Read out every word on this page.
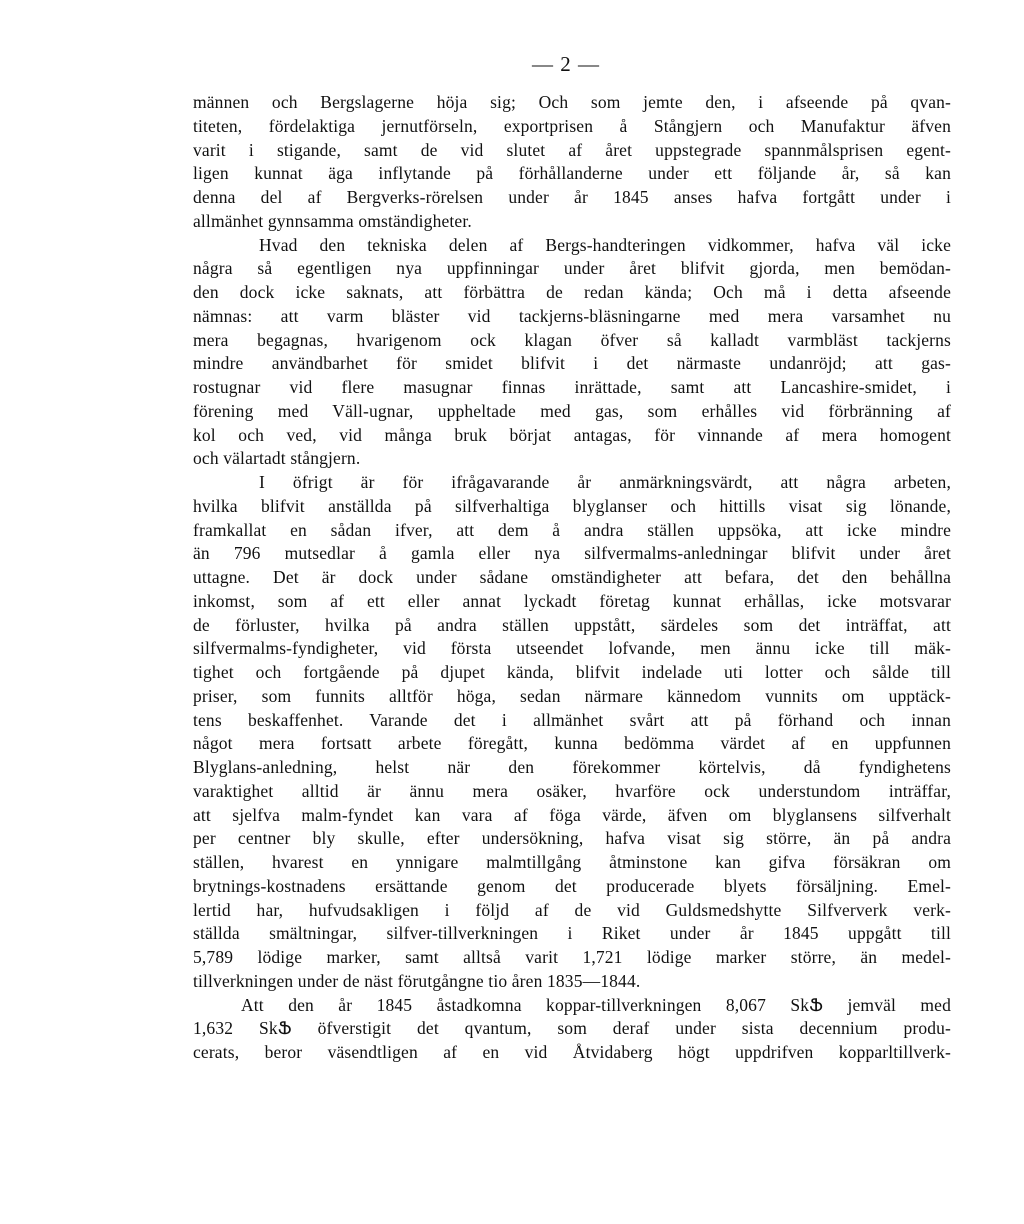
— 2 —
männen och Bergslagerne höja sig; Och som jemte den, i afseende på qvan-
titeten, fördelaktiga jernutförseln, exportprisen å Stångjern och Manufaktur äfven
varit i stigande, samt de vid slutet af året uppstegrade spannmålsprisen egent-
ligen kunnat äga inflytande på förhållanderne under ett följande år, så kan
denna del af Bergverks-rörelsen under år 1845 anses hafva fortgått under i
allmänhet gynnsamma omständigheter.
Hvad den tekniska delen af Bergs-handteringen vidkommer, hafva väl icke
några så egentligen nya uppfinningar under året blifvit gjorda, men bemödan-
den dock icke saknats, att förbättra de redan kända; Och må i detta afseende
nämnas: att varm bläster vid tackjerns-bläsningarne med mera varsamhet nu
mera begagnas, hvarigenom ock klagan öfver så kalladt varmbläst tackjerns
mindre användbarhet för smidet blifvit i det närmaste undanröjd; att gas-
rostugnar vid flere masugnar finnas inrättade, samt att Lancashire-smidet, i
förening med Väll-ugnar, uppheltade med gas, som erhålles vid förbränning af
kol och ved, vid många bruk börjat antagas, för vinnande af mera homogent
och välartadt stångjern.
I öfrigt är för ifrågavarande år anmärkningsvärdt, att några arbeten,
hvilka blifvit anställda på silfverhaltiga blyglanser och hittills visat sig lönande,
framkallat en sådan ifver, att dem å andra ställen uppsöka, att icke mindre
än 796 mutsedlar å gamla eller nya silfvermalms-anledningar blifvit under året
uttagne. Det är dock under sådane omständigheter att befara, det den behållna
inkomst, som af ett eller annat lyckadt företag kunnat erhållas, icke motsvarar
de förluster, hvilka på andra ställen uppstått, särdeles som det inträffat, att
silfvermalms-fyndigheter, vid första utseendet lofvande, men ännu icke till mäk-
tighet och fortgående på djupet kända, blifvit indelade uti lotter och sålde till
priser, som funnits alltför höga, sedan närmare kännedom vunnits om upptäck-
tens beskaffenhet. Varande det i allmänhet svårt att på förhand och innan
något mera fortsatt arbete föregått, kunna bedömma värdet af en uppfunnen
Blyglans-anledning, helst när den förekommer körtelvis, då fyndighetens
varaktighet alltid är ännu mera osäker, hvarföre ock understundom inträffar,
att sjelfva malm-fyndet kan vara af föga värde, äfven om blyglansens silfverhalt
per centner bly skulle, efter undersökning, hafva visat sig större, än på andra
ställen, hvarest en ynnigare malmtillgång åtminstone kan gifva försäkran om
brytnings-kostnadens ersättande genom det producerade blyets försäljning. Emel-
lertid har, hufvudsakligen i följd af de vid Guldsmedshytte Silfververk verk-
ställda smältningar, silfver-tillverkningen i Riket under år 1845 uppgått till
5,789 lödige marker, samt alltså varit 1,721 lödige marker större, än medel-
tillverkningen under de näst förutgångne tio åren 1835—1844.
Att den år 1845 åstadkomna koppar-tillverkningen 8,067 SkՖ jemväl med
1,632 SkՖ öfverstigit det qvantum, som deraf under sista decennium produ-
cerats, beror väsendtligen af en vid Åtvidaberg högt uppdrifven kopparltillverk-
